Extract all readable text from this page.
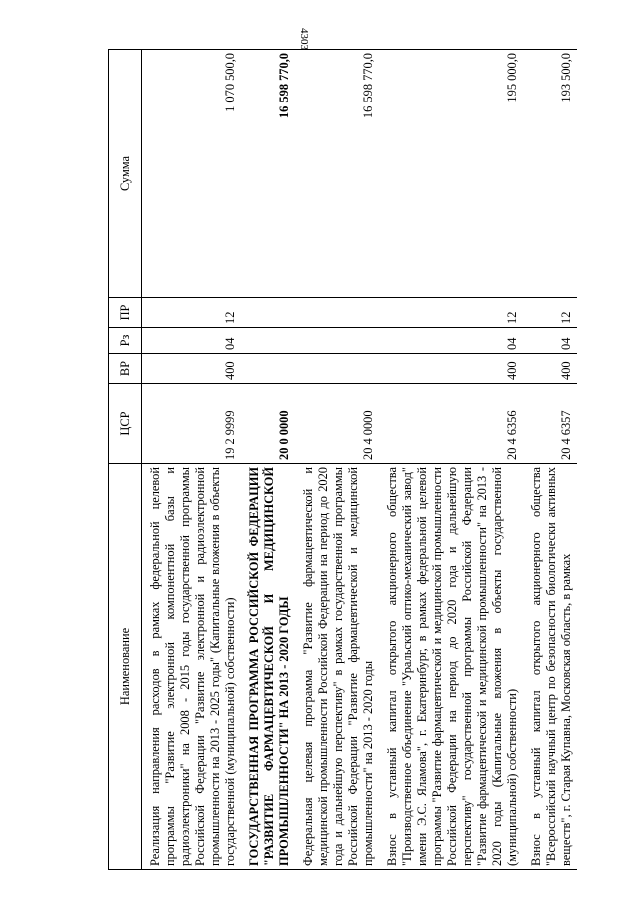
4303
Наименование	ЦСР	ВР	Рз	ПР	Сумма
Реализация направления расходов в рамках федеральной целевой программы "Развитие электронной компонентной базы и радиоэлектроники" на 2008 - 2015 годы государственной программы Российской Федерации "Развитие электронной и радиоэлектронной промышленности на 2013 - 2025 годы" (Капитальные вложения в объекты государственной (муниципальной) собственности)	19 2 9999	400	04	12	1 070 500,0
ГОСУДАРСТВЕННАЯ ПРОГРАММА РОССИЙСКОЙ ФЕДЕРАЦИИ "РАЗВИТИЕ ФАРМАЦЕВТИЧЕСКОЙ И МЕДИЦИНСКОЙ ПРОМЫШЛЕННОСТИ" НА 2013 - 2020 ГОДЫ	20 0 0000				16 598 770,0
Федеральная целевая программа "Развитие фармацевтической и медицинской промышленности Российской Федерации на период до 2020 года и дальнейшую перспективу" в рамках государственной программы Российской Федерации "Развитие фармацевтической и медицинской промышленности" на 2013 - 2020 годы	20 4 0000				16 598 770,0
Взнос в уставный капитал открытого акционерного общества "Производственное объединение "Уральский оптико-механический завод" имени Э.С. Яламова", г. Екатеринбург, в рамках федеральной целевой программы "Развитие фармацевтической и медицинской промышленности Российской Федерации на период до 2020 года и дальнейшую перспективу" государственной программы Российской Федерации "Развитие фармацевтической и медицинской промышленности" на 2013 - 2020 годы (Капитальные вложения в объекты государственной (муниципальной) собственности)	20 4 6356	400	04	12	195 000,0
Взнос в уставный капитал открытого акционерного общества "Всероссийский научный центр по безопасности биологически активных веществ", г. Старая Купавна, Московская область, в рамках	20 4 6357	400	04	12	193 500,0
